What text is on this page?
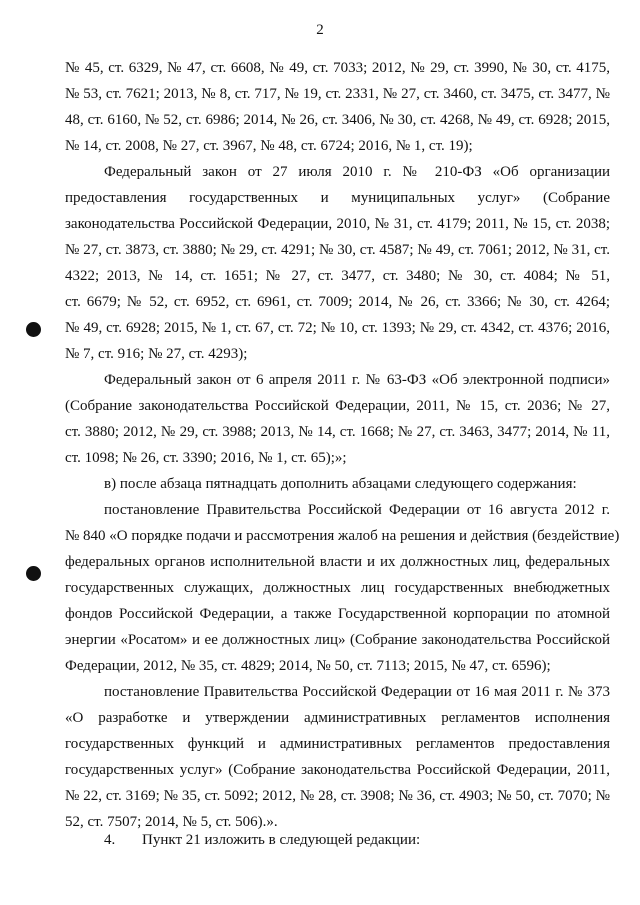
2
№ 45, ст. 6329, № 47, ст. 6608, № 49, ст. 7033; 2012, № 29, ст. 3990, № 30, ст. 4175,
№ 53, ст. 7621; 2013, № 8, ст. 717, № 19, ст. 2331, № 27, ст. 3460, ст. 3475, ст. 3477, №
48, ст. 6160, № 52, ст. 6986; 2014, № 26, ст. 3406, № 30, ст. 4268, № 49, ст. 6928; 2015,
№ 14, ст. 2008, № 27, ст. 3967, № 48, ст. 6724; 2016, № 1, ст. 19);
Федеральный закон от 27 июля 2010 г. № 210-ФЗ «Об организации
предоставления государственных и муниципальных услуг» (Собрание
законодательства Российской Федерации, 2010, № 31, ст. 4179; 2011, № 15, ст. 2038;
№ 27, ст. 3873, ст. 3880; № 29, ст. 4291; № 30, ст. 4587; № 49, ст. 7061; 2012, № 31, ст.
4322; 2013, № 14, ст. 1651; № 27, ст. 3477, ст. 3480; № 30, ст. 4084; № 51,
ст. 6679; № 52, ст. 6952, ст. 6961, ст. 7009; 2014, № 26, ст. 3366; № 30, ст. 4264;
№ 49, ст. 6928; 2015, № 1, ст. 67, ст. 72; № 10, ст. 1393; № 29, ст. 4342, ст. 4376; 2016,
№ 7, ст. 916; № 27, ст. 4293);
Федеральный закон от 6 апреля 2011 г. № 63-ФЗ «Об электронной подписи»
(Собрание законодательства Российской Федерации, 2011, № 15, ст. 2036; № 27,
ст. 3880; 2012, № 29, ст. 3988; 2013, № 14, ст. 1668; № 27, ст. 3463, 3477; 2014, № 11,
ст. 1098; № 26, ст. 3390; 2016, № 1, ст. 65);»;
в) после абзаца пятнадцать дополнить абзацами следующего содержания:
постановление Правительства Российской Федерации от 16 августа 2012 г.
№ 840 «О порядке подачи и рассмотрения жалоб на решения и действия (бездействие)
федеральных органов исполнительной власти и их должностных лиц, федеральных
государственных служащих, должностных лиц государственных внебюджетных
фондов Российской Федерации, а также Государственной корпорации по атомной
энергии «Росатом» и ее должностных лиц» (Собрание законодательства Российской
Федерации, 2012, № 35, ст. 4829; 2014, № 50, ст. 7113; 2015, № 47, ст. 6596);
постановление Правительства Российской Федерации от 16 мая 2011 г. № 373
«О разработке и утверждении административных регламентов исполнения
государственных функций и административных регламентов предоставления
государственных услуг» (Собрание законодательства Российской Федерации, 2011,
№ 22, ст. 3169; № 35, ст. 5092; 2012, № 28, ст. 3908; № 36, ст. 4903; № 50, ст. 7070; №
52, ст. 7507; 2014, № 5, ст. 506).».
4. Пункт 21 изложить в следующей редакции:
